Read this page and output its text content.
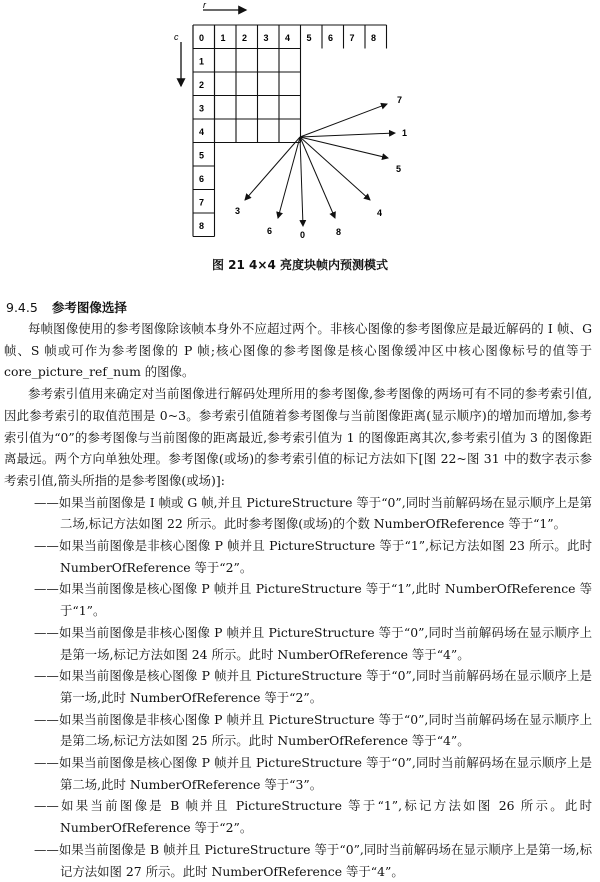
r
c 0 1
1
2
2
3
3
4
4
5
5
6
6
7
7
8
8
7
1
5
4
8
0
6
3
图 21 4×4 亮度块帧内预测模式
9.4.5 参考图像选择

每帧图像使用的参考图像除该帧本身外不应超过两个。非核心图像的参考图像应是最近解码的 I 帧、G 帧、S 帧或可作为参考图像的 P 帧;核心图像的参考图像是核心图像缓冲区中核心图像标号的值等于 core_picture_ref_num 的图像。

参考索引值用来确定对当前图像进行解码处理所用的参考图像,参考图像的两场可有不同的参考索引值,因此参考索引的取值范围是 0~3。参考索引值随着参考图像与当前图像距离(显示顺序)的增加而增加,参考索引值为“0”的参考图像与当前图像的距离最近,参考索引值为 1 的图像距离其次,参考索引值为 3 的图像距离最远。两个方向单独处理。参考图像(或场)的参考索引值的标记方法如下[图 22~图 31 中的数字表示参考索引值,箭头所指的是参考图像(或场)]:

——如果当前图像是 I 帧或 G 帧,并且 PictureStructure 等于“0”,同时当前解码场在显示顺序上是第二场,标记方法如图 22 所示。此时参考图像(或场)的个数 NumberOfReference 等于“1”。

——如果当前图像是非核心图像 P 帧并且 PictureStructure 等于“1”,标记方法如图 23 所示。此时 NumberOfReference 等于“2”。

——如果当前图像是核心图像 P 帧并且 PictureStructure 等于“1”,此时 NumberOfReference 等于“1”。

——如果当前图像是非核心图像 P 帧并且 PictureStructure 等于“0”,同时当前解码场在显示顺序上是第一场,标记方法如图 24 所示。此时 NumberOfReference 等于“4”。

——如果当前图像是核心图像 P 帧并且 PictureStructure 等于“0”,同时当前解码场在显示顺序上是第一场,此时 NumberOfReference 等于“2”。

——如果当前图像是非核心图像 P 帧并且 PictureStructure 等于“0”,同时当前解码场在显示顺序上是第二场,标记方法如图 25 所示。此时 NumberOfReference 等于“4”。

——如果当前图像是核心图像 P 帧并且 PictureStructure 等于“0”,同时当前解码场在显示顺序上是第二场,此时 NumberOfReference 等于“3”。

——如果当前图像是 B 帧并且 PictureStructure 等于“1”,标记方法如图 26 所示。此时 NumberOfReference 等于“2”。

——如果当前图像是 B 帧并且 PictureStructure 等于“0”,同时当前解码场在显示顺序上是第一场,标记方法如图 27 所示。此时 NumberOfReference 等于“4”。
